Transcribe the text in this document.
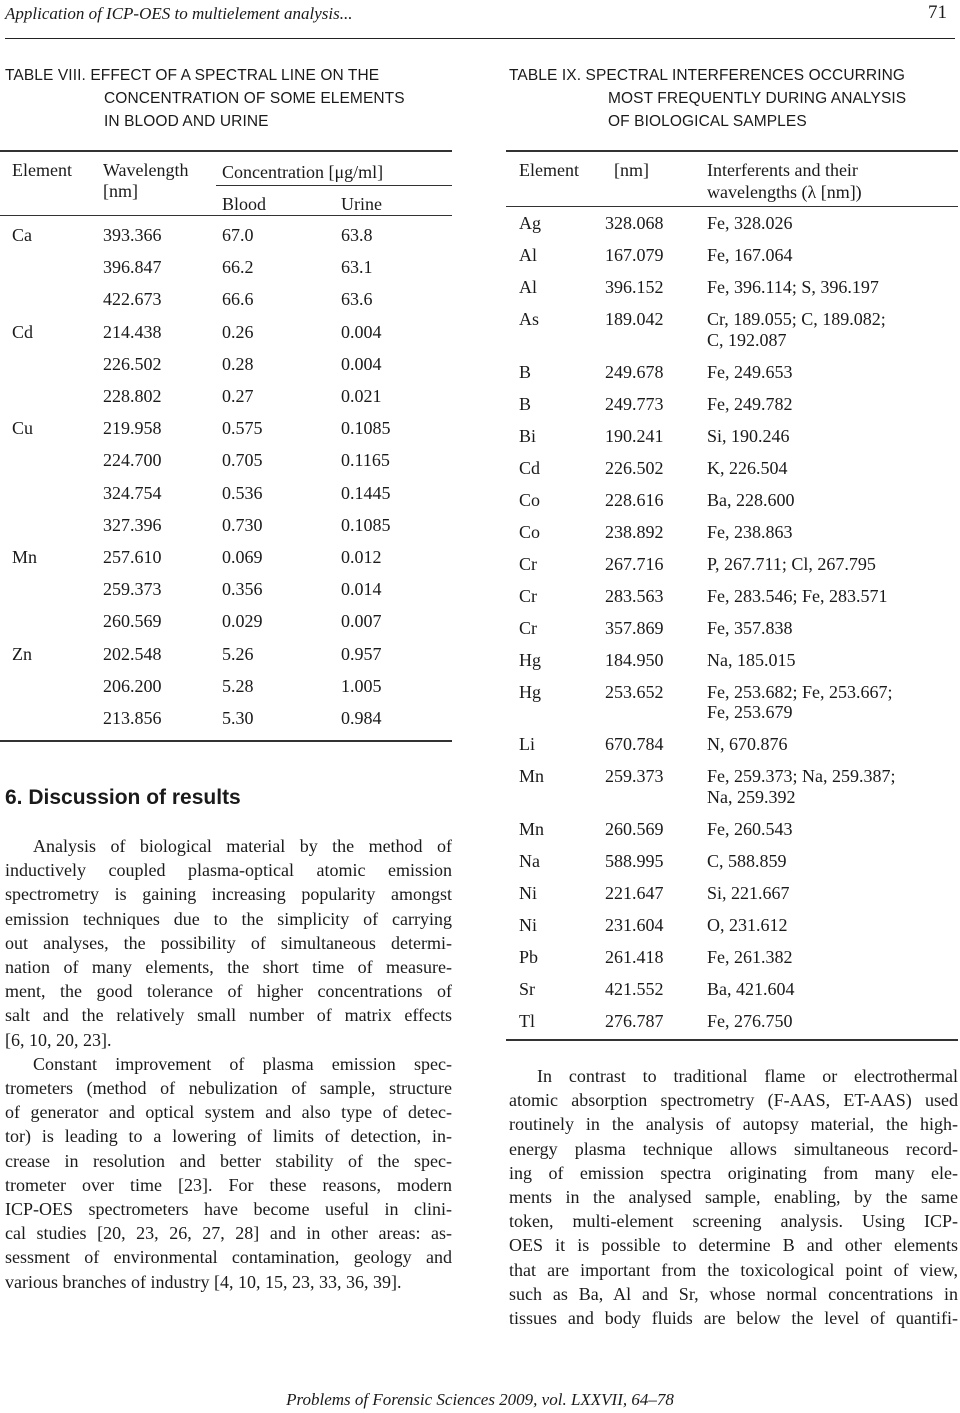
Application of ICP-OES to multielement analysis...	71
TABLE VIII. EFFECT OF A SPECTRAL LINE ON THE
CONCENTRATION OF SOME ELEMENTS
IN BLOOD AND URINE
TABLE IX. SPECTRAL INTERFERENCES OCCURRING
MOST FREQUENTLY DURING ANALYSIS
OF BIOLOGICAL SAMPLES
Element Wavelength
[nm]
Concentration [μg/ml]
Blood	Urine
Ca	393.366	67.0	63.8
396.847	66.2	63.1
422.673	66.6	63.6
Cd	214.438	0.26	0.004
226.502	0.28	0.004
228.802	0.27	0.021
Cu	219.958	0.575	0.1085
224.700	0.705	0.1165
324.754	0.536	0.1445
327.396	0.730	0.1085
Mn	257.610	0.069	0.012
259.373	0.356	0.014
260.569	0.029	0.007
Zn	202.548	5.26	0.957
206.200	5.28	1.005
213.856	5.30	0.984
Element [nm]	Interferents and their
wavelengths (λ [nm])
Ag	328.068 Fe, 328.026
Al	167.079 Fe, 167.064
Al	396.152 Fe, 396.114; S, 396.197
As	189.042 Cr, 189.055; C, 189.082;
C, 192.087
B	249.678 Fe, 249.653
B	249.773 Fe, 249.782
Bi	190.241 Si, 190.246
Cd	226.502 K, 226.504
Co	228.616 Ba, 228.600
Co	238.892 Fe, 238.863
Cr	267.716 P, 267.711; Cl, 267.795
Cr	283.563 Fe, 283.546; Fe, 283.571
Cr	357.869 Fe, 357.838
Hg	184.950 Na, 185.015
Hg	253.652 Fe, 253.682; Fe, 253.667;
Fe, 253.679
Li	670.784 N, 670.876
Mn	259.373 Fe, 259.373; Na, 259.387;
Na, 259.392
Mn	260.569 Fe, 260.543
Na	588.995 C, 588.859
Ni	221.647 Si, 221.667
Ni	231.604 O, 231.612
Pb	261.418 Fe, 261.382
Sr	421.552 Ba, 421.604
Tl	276.787 Fe, 276.750
6. Discussion of results
Analysis of biological material by the method of
inductively coupled plasma-optical atomic emission
spectrometry is gaining increasing popularity amongst
emission techniques due to the simplicity of carrying
out analyses, the possibility of simultaneous determi-
nation of many elements, the short time of measure-
ment, the good tolerance of higher concentrations of
salt and the relatively small number of matrix effects
[6, 10, 20, 23].
Constant improvement of plasma emission spec-
trometers (method of nebulization of sample, structure
of generator and optical system and also type of detec-
tor) is leading to a lowering of limits of detection, in-
crease in resolution and better stability of the spec-
trometer over time [23]. For these reasons, modern
ICP-OES spectrometers have become useful in clini-
cal studies [20, 23, 26, 27, 28] and in other areas: as-
sessment of environmental contamination, geology and
various branches of industry [4, 10, 15, 23, 33, 36, 39].
In contrast to traditional flame or electrothermal
atomic absorption spectrometry (F-AAS, ET-AAS) used
routinely in the analysis of autopsy material, the high-
energy plasma technique allows simultaneous record-
ing of emission spectra originating from many ele-
ments in the analysed sample, enabling, by the same
token, multi-element screening analysis. Using ICP-
OES it is possible to determine B and other elements
that are important from the toxicological point of view,
such as Ba, Al and Sr, whose normal concentrations in
tissues and body fluids are below the level of quantifi-
Problems of Forensic Sciences 2009, vol. LXXVII, 64–78
